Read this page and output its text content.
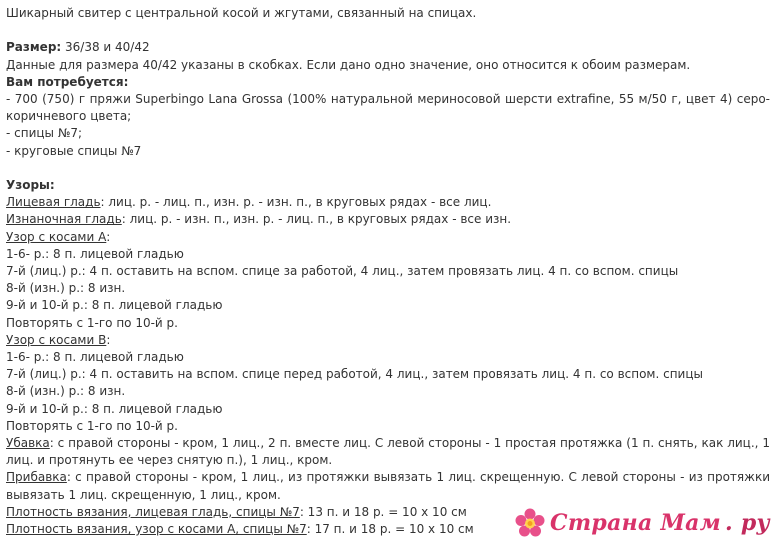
Шикарный свитер с центральной косой и жгутами, связанный на спицах.
Размер: 36/38 и 40/42
Данные для размера 40/42 указаны в скобках. Если дано одно значение, оно относится к обоим размерам.
Вам потребуется:
- 700 (750) г пряжи Superbingo Lana Grossa (100% натуральной мериносовой шерсти extrafine, 55 м/50 г, цвет 4) серо-коричневого цвета;
- спицы №7;
- круговые спицы №7
Узоры:
Лицевая гладь: лиц. р. - лиц. п., изн. р. - изн. п., в круговых рядах - все лиц.
Изнаночная гладь: лиц. р. - изн. п., изн. р. - лиц. п., в круговых рядах - все изн.
Узор с косами А:
1-6- р.: 8 п. лицевой гладью
7-й (лиц.) р.: 4 п. оставить на вспом. спице за работой, 4 лиц., затем провязать лиц. 4 п. со вспом. спицы
8-й (изн.) р.: 8 изн.
9-й и 10-й р.: 8 п. лицевой гладью
Повторять с 1-го по 10-й р.
Узор с косами В:
1-6- р.: 8 п. лицевой гладью
7-й (лиц.) р.: 4 п. оставить на вспом. спице перед работой, 4 лиц., затем провязать лиц. 4 п. со вспом. спицы
8-й (изн.) р.: 8 изн.
9-й и 10-й р.: 8 п. лицевой гладью
Повторять с 1-го по 10-й р.
Убавка: с правой стороны - кром, 1 лиц., 2 п. вместе лиц. С левой стороны - 1 простая протяжка (1 п. снять, как лиц., 1 лиц. и протянуть ее через снятую п.), 1 лиц., кром.
Прибавка: с правой стороны - кром, 1 лиц., из протяжки вывязать 1 лиц. скрещенную. С левой стороны - из протяжки вывязать 1 лиц. скрещенную, 1 лиц., кром.
Плотность вязания, лицевая гладь, спицы №7: 13 п. и 18 р. = 10 х 10 см
Плотность вязания, узор с косами А, спицы №7: 17 п. и 18 р. = 10 х 10 см	Страна Мам . ру
